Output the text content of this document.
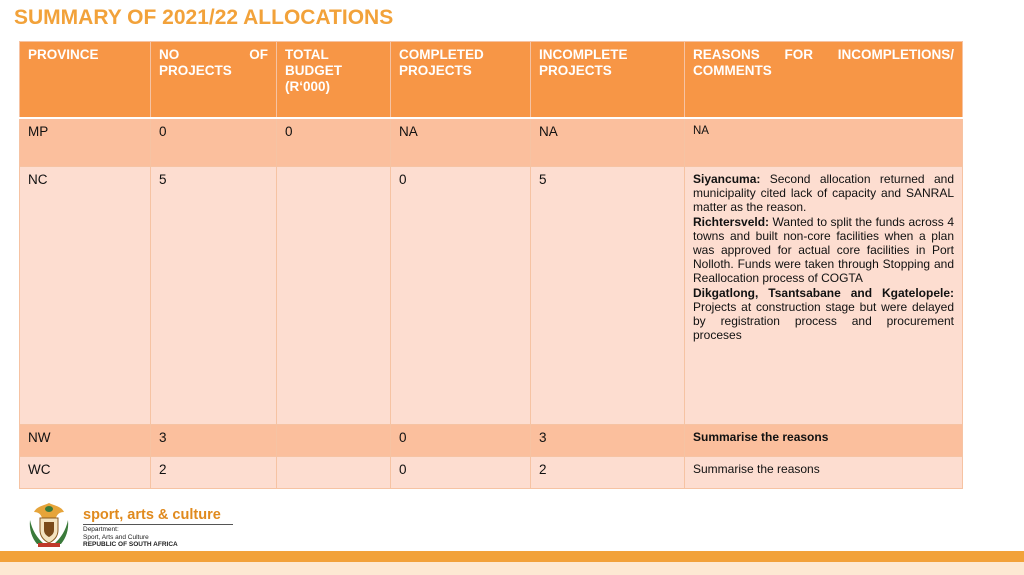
SUMMARY OF 2021/22 ALLOCATIONS
PROVINCE	NO OF PROJECTS	TOTAL BUDGET (R‘000)	COMPLETED PROJECTS	INCOMPLETE PROJECTS	REASONS FOR INCOMPLETIONS/ COMMENTS
MP	0	0	NA	NA	NA
NC	5		0	5	Siyancuma: Second allocation returned and municipality cited lack of capacity and SANRAL matter as the reason.
Richtersveld: Wanted to split the funds across 4 towns and built non-core facilities when a plan was approved for actual core facilities in Port Nolloth. Funds were taken through Stopping and Reallocation process of COGTA
Dikgatlong, Tsantsabane and Kgatelopele: Projects at construction stage but were delayed by registration process and procurement proceses
NW	3		0	3	Summarise the reasons
WC	2		0	2	Summarise the reasons
sport, arts & culture
Department:
Sport, Arts and Culture
REPUBLIC OF SOUTH AFRICA
